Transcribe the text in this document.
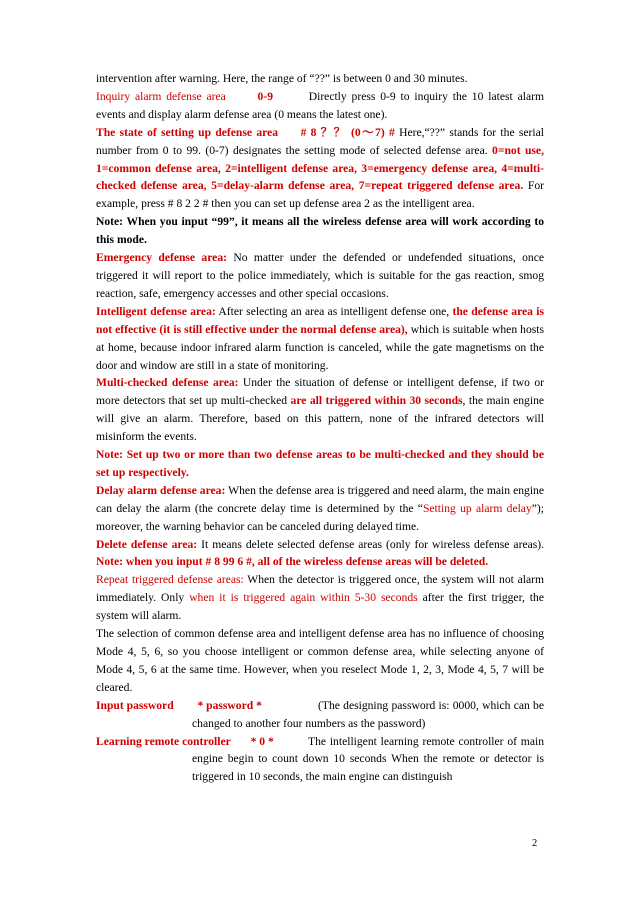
intervention after warning. Here, the range of “??” is between 0 and 30 minutes.
Inquiry alarm defense area	0-9	Directly press 0-9 to inquiry the 10 latest alarm events and display alarm defense area (0 means the latest one).
The state of setting up defense area # 8 ？？ (0～7) # Here,“??” stands for the serial number from 0 to 99. (0-7) designates the setting mode of selected defense area. 0=not use, 1=common defense area, 2=intelligent defense area, 3=emergency defense area, 4=multi-checked defense area, 5=delay-alarm defense area, 7=repeat triggered defense area. For example, press # 8 2 2 # then you can set up defense area 2 as the intelligent area.
Note: When you input “99”, it means all the wireless defense area will work according to this mode.
Emergency defense area: No matter under the defended or undefended situations, once triggered it will report to the police immediately, which is suitable for the gas reaction, smog reaction, safe, emergency accesses and other special occasions.
Intelligent defense area: After selecting an area as intelligent defense one, the defense area is not effective (it is still effective under the normal defense area), which is suitable when hosts at home, because indoor infrared alarm function is canceled, while the gate magnetisms on the door and window are still in a state of monitoring.
Multi-checked defense area: Under the situation of defense or intelligent defense, if two or more detectors that set up multi-checked are all triggered within 30 seconds, the main engine will give an alarm. Therefore, based on this pattern, none of the infrared detectors will misinform the events.
Note: Set up two or more than two defense areas to be multi-checked and they should be set up respectively.
Delay alarm defense area: When the defense area is triggered and need alarm, the main engine can delay the alarm (the concrete delay time is determined by the “Setting up alarm delay”); moreover, the warning behavior can be canceled during delayed time.
Delete defense area: It means delete selected defense areas (only for wireless defense areas). Note: when you input # 8 99 6 #, all of the wireless defense areas will be deleted.
Repeat triggered defense areas: When the detector is triggered once, the system will not alarm immediately. Only when it is triggered again within 5-30 seconds after the first trigger, the system will alarm.
The selection of common defense area and intelligent defense area has no influence of choosing Mode 4, 5, 6, so you choose intelligent or common defense area, while selecting anyone of Mode 4, 5, 6 at the same time. However, when you reselect Mode 1, 2, 3, Mode 4, 5, 7 will be cleared.
Input password * password *	(The designing password is: 0000, which can be changed to another four numbers as the password)
Learning remote controller * 0 *	The intelligent learning remote controller of main engine begin to count down 10 seconds When the remote or detector is triggered in 10 seconds, the main engine can distinguish
2
